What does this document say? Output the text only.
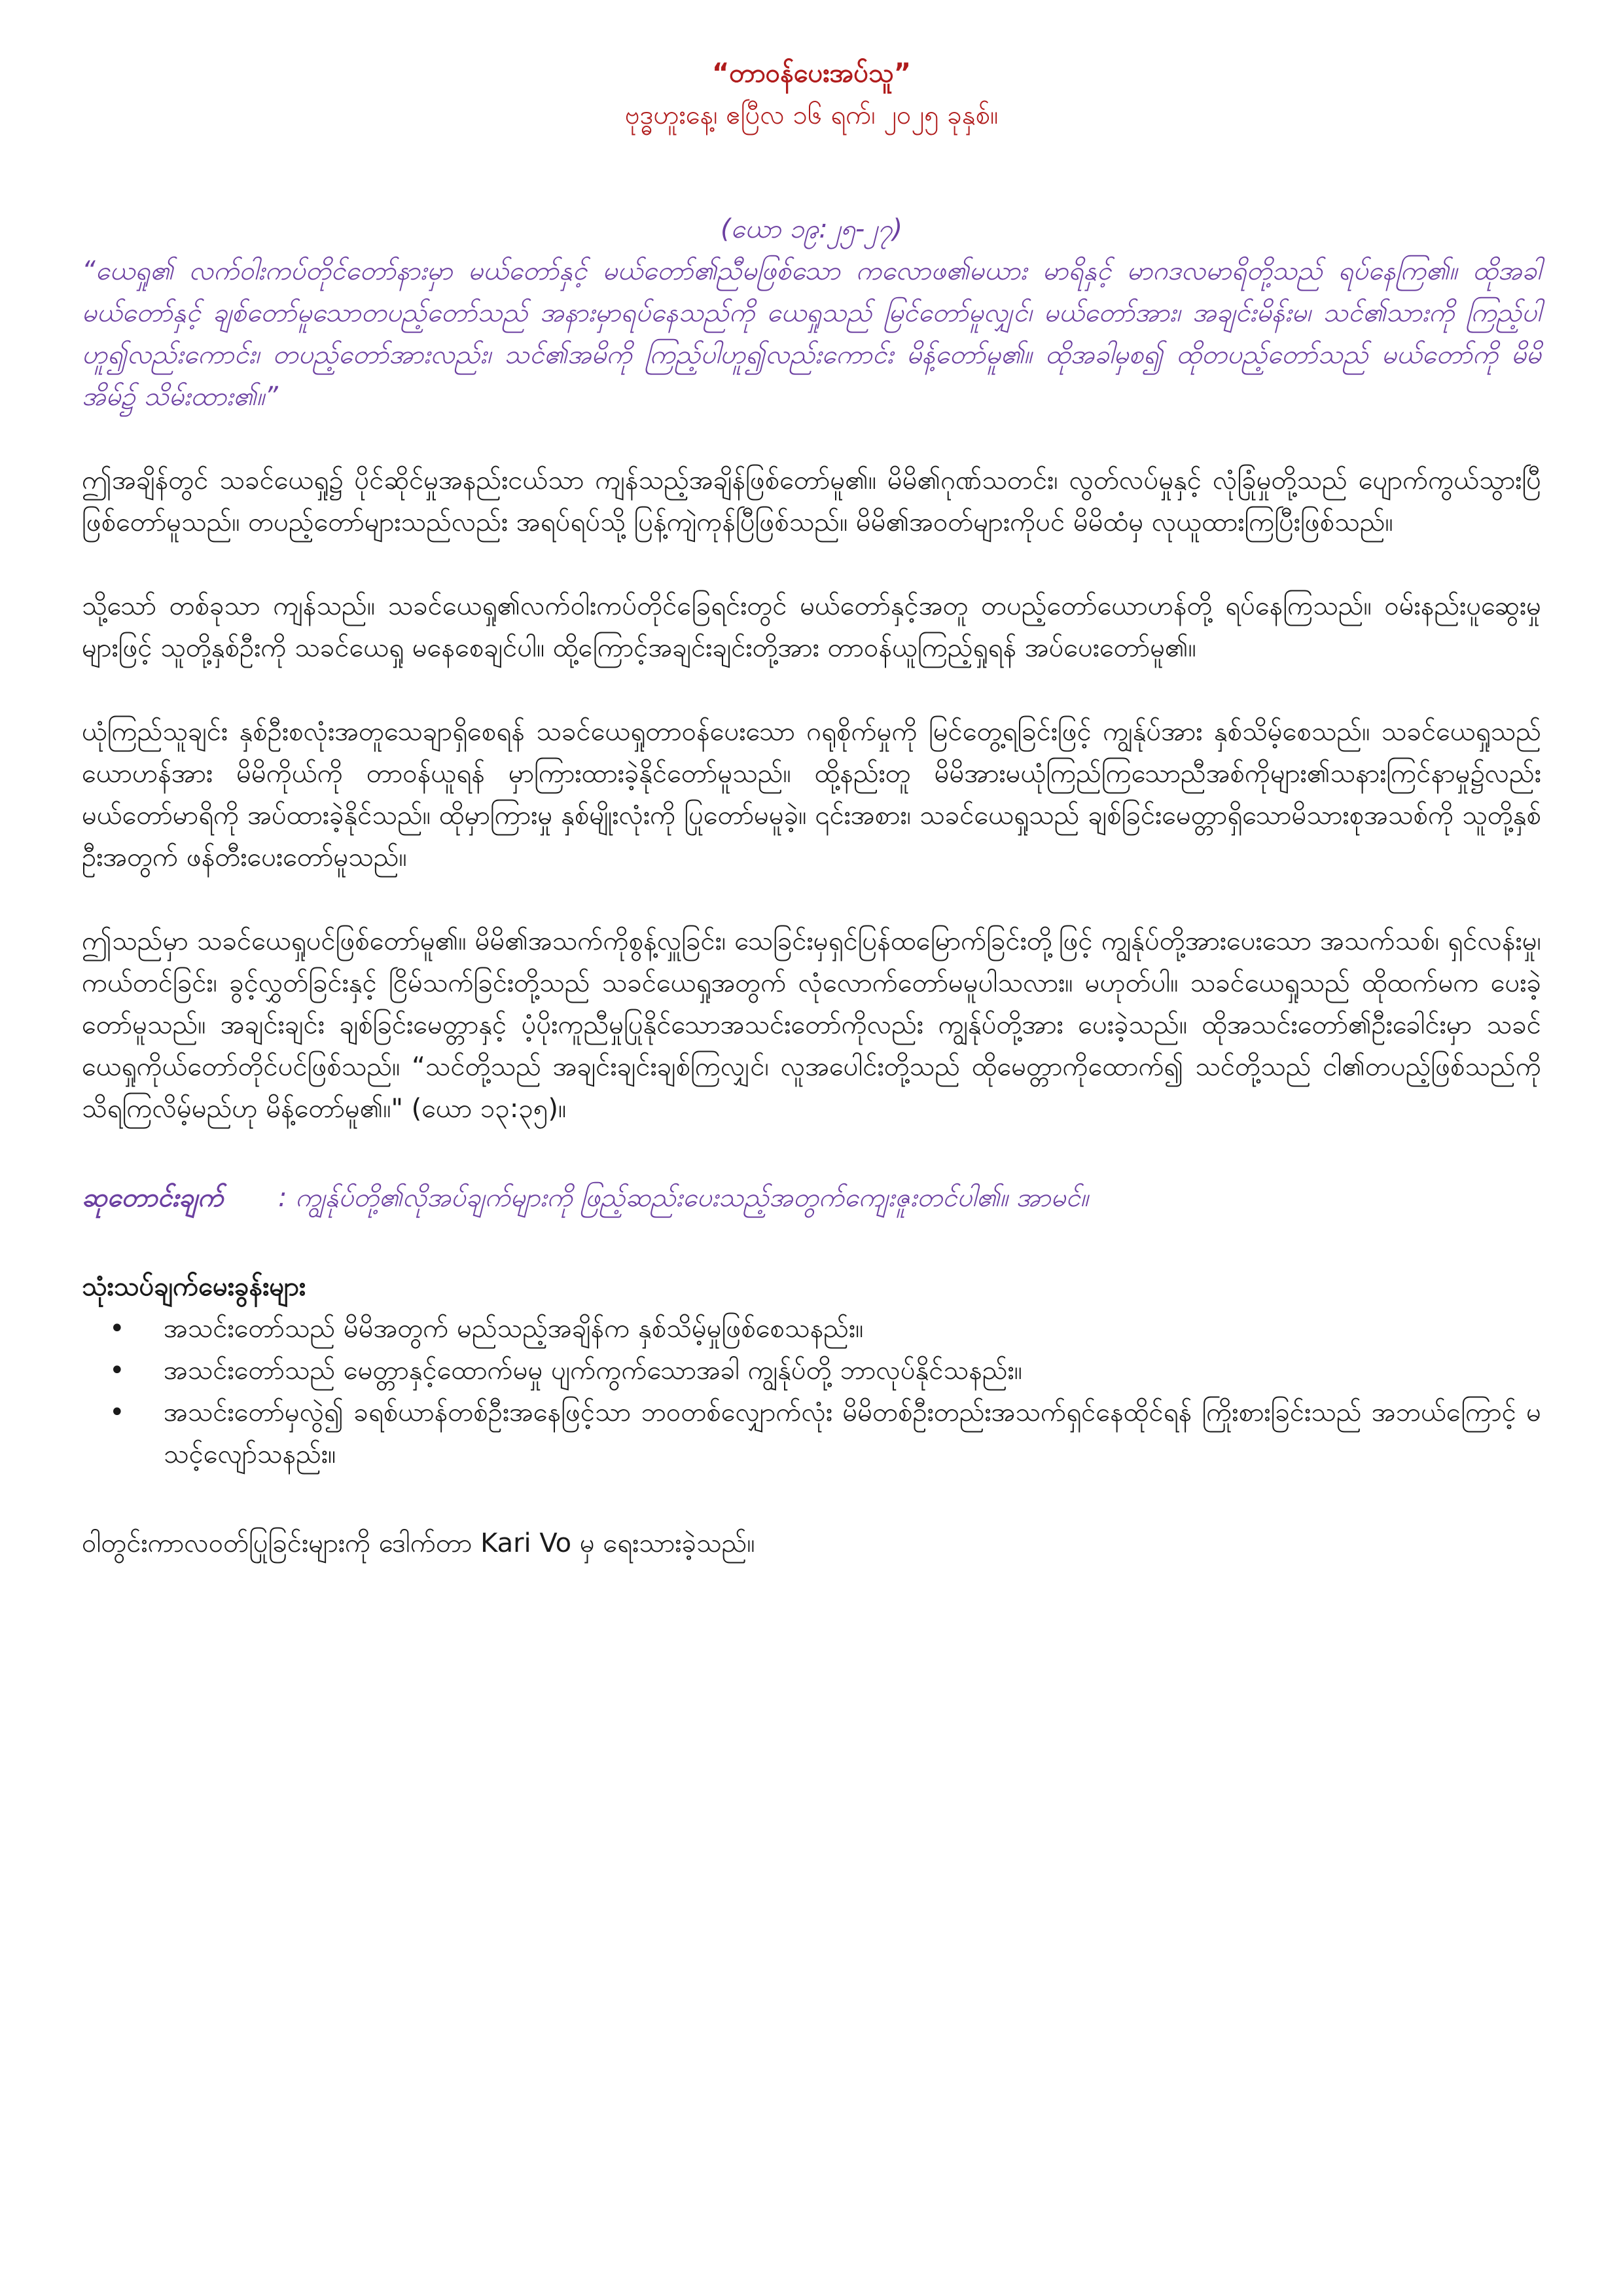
“တာဝန်ပေးအပ်သူ”

ဗုဒ္ဓဟူးနေ့၊ ဧပြီလ ၁၆ ရက်၊ ၂၀၂၅ ခုနှစ်။

(ယော ၁၉:၂၅-၂၇)

“ယေရှု၏ လက်ဝါးကပ်တိုင်တော်နားမှာ မယ်တော်နှင့် မယ်တော်၏ညီမဖြစ်သော ကလောဖ၏မယား မာရိနှင့် မာဂဒလမာရိတို့သည် ရပ်နေကြ၏။ ထိုအခါ မယ်တော်နှင့် ချစ်တော်မူသောတပည့်တော်သည် အနားမှာရပ်နေသည်ကို ယေရှုသည် မြင်တော်မူလျှင်၊ မယ်တော်အား၊ အချင်းမိန်းမ၊ သင်၏သားကို ကြည့်ပါဟူ၍လည်းကောင်း၊ တပည့်တော်အားလည်း၊ သင်၏အမိကို ကြည့်ပါဟူ၍လည်းကောင်း မိန့်တော်မူ၏။ ထိုအခါမှစ၍ ထိုတပည့်တော်သည် မယ်တော်ကို မိမိအိမ်၌ သိမ်းထား၏။”

ဤအချိန်တွင် သခင်ယေရှု၌ ပိုင်ဆိုင်မှုအနည်းငယ်သာ ကျန်သည့်အချိန်ဖြစ်တော်မူ၏။ မိမိ၏ဂုဏ်သတင်း၊ လွတ်လပ်မှုနှင့် လုံခြုံမှုတို့သည် ပျောက်ကွယ်သွားပြီဖြစ်တော်မူသည်။ တပည့်တော်များသည်လည်း အရပ်ရပ်သို့ ပြန့်ကျဲကုန်ပြီဖြစ်သည်။ မိမိ၏အဝတ်များကိုပင် မိမိထံမှ လုယူထားကြပြီးဖြစ်သည်။

သို့သော် တစ်ခုသာ ကျန်သည်။ သခင်ယေရှု၏လက်ဝါးကပ်တိုင်ခြေရင်းတွင် မယ်တော်နှင့်အတူ တပည့်တော်ယောဟန်တို့ ရပ်နေကြသည်။ ဝမ်းနည်းပူဆွေးမှုများဖြင့် သူတို့နှစ်ဦးကို သခင်ယေရှု မနေစေချင်ပါ။ ထို့ကြောင့်အချင်းချင်းတို့အား တာဝန်ယူကြည့်ရှုရန် အပ်ပေးတော်မူ၏။

ယုံကြည်သူချင်း နှစ်ဦးစလုံးအတူသေချာရှိစေရန် သခင်ယေရှုတာဝန်ပေးသော ဂရုစိုက်မှုကို မြင်တွေ့ရခြင်းဖြင့် ကျွန်ုပ်အား နှစ်သိမ့်စေသည်။ သခင်ယေရှုသည် ယောဟန်အား မိမိကိုယ်ကို တာဝန်ယူရန် မှာကြားထားခဲ့နိုင်တော်မူသည်။ ထို့နည်းတူ မိမိအားမယုံကြည်ကြသောညီအစ်ကိုများ၏သနားကြင်နာမှု၌လည်း မယ်တော်မာရိကို အပ်ထားခဲ့နိုင်သည်။ ထိုမှာကြားမှု နှစ်မျိုးလုံးကို ပြုတော်မမူခဲ့။ ၎င်းအစား၊ သခင်ယေရှုသည် ချစ်ခြင်းမေတ္တာရှိသောမိသားစုအသစ်ကို သူတို့နှစ်ဦးအတွက် ဖန်တီးပေးတော်မူသည်။

ဤသည်မှာ သခင်ယေရှုပင်ဖြစ်တော်မူ၏။ မိမိ၏အသက်ကိုစွန့်လှူခြင်း၊ သေခြင်းမှရှင်ပြန်ထမြောက်ခြင်းတို့ဖြင့် ကျွန်ုပ်တို့အားပေးသော အသက်သစ်၊ ရှင်လန်းမှု၊ ကယ်တင်ခြင်း၊ ခွင့်လွှတ်ခြင်းနှင့် ငြိမ်သက်ခြင်းတို့သည် သခင်ယေရှုအတွက် လုံလောက်တော်မမူပါသလား။ မဟုတ်ပါ။ သခင်ယေရှုသည် ထိုထက်မက ပေးခဲ့တော်မူသည်။ အချင်းချင်း ချစ်ခြင်းမေတ္တာနှင့် ပံ့ပိုးကူညီမှုပြုနိုင်သောအသင်းတော်ကိုလည်း ကျွန်ုပ်တို့အား ပေးခဲ့သည်။ ထိုအသင်းတော်၏ဦးခေါင်းမှာ သခင်ယေရှုကိုယ်တော်တိုင်ပင်ဖြစ်သည်။ “သင်တို့သည် အချင်းချင်းချစ်ကြလျှင်၊ လူအပေါင်းတို့သည် ထိုမေတ္တာကိုထောက်၍ သင်တို့သည် ငါ၏တပည့်ဖြစ်သည်ကို သိရကြလိမ့်မည်ဟု မိန့်တော်မူ၏။" (ယော ၁၃:၃၅)။

ဆုတောင်းချက် : ကျွန်ုပ်တို့၏လိုအပ်ချက်များကို ဖြည့်ဆည်းပေးသည့်အတွက်ကျေးဇူးတင်ပါ၏။ အာမင်။

သုံးသပ်ချက်မေးခွန်းများ

• အသင်းတော်သည် မိမိအတွက် မည်သည့်အချိန်က နှစ်သိမ့်မှုဖြစ်စေသနည်း။
• အသင်းတော်သည် မေတ္တာနှင့်ထောက်မမှု ပျက်ကွက်သောအခါ ကျွန်ုပ်တို့ ဘာလုပ်နိုင်သနည်း။
• အသင်းတော်မှလွဲ၍ ခရစ်ယာန်တစ်ဦးအနေဖြင့်သာ ဘဝတစ်လျှောက်လုံး မိမိတစ်ဦးတည်းအသက်ရှင်နေထိုင်ရန် ကြိုးစားခြင်းသည် အဘယ်ကြောင့် မသင့်လျော်သနည်း။

ဝါတွင်းကာလဝတ်ပြုခြင်းများကို ဒေါက်တာ Kari Vo မှ ရေးသားခဲ့သည်။
